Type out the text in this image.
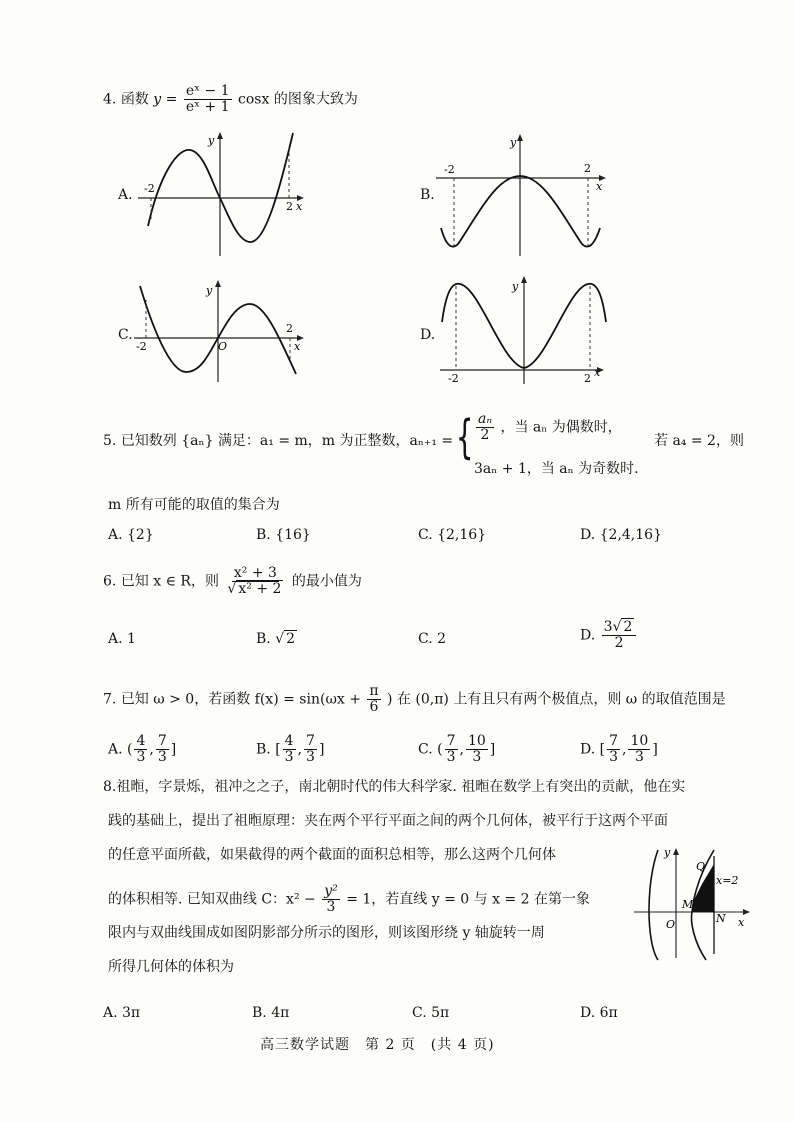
4. 函数 $y = \frac{\text{eˣ − 1}}{\text{eˣ + 1}}$ cosx 的图象大致为
A. -2
2 x
y
B.
-2	2
x
y
C.
-2
2
x
y
O
D.
-2	2 x
y
5. 已知数列 {aₙ} 满足：a₁ = m，m 为正整数，aₙ₊₁ = { $\frac{\text{aₙ}}{2}$ ，当 aₙ 为偶数时，
3aₙ + 1，当 aₙ 为奇数时.
若 a₄ = 2，则
m 所有可能的取值的集合为
A. {2}	B. {16}	C. {2,16}	D. {2,4,16}
6. 已知 x ∈ R，则 $\frac{\text{x² + 3}}{\text{√ x² + 2}}$ 的最小值为
A. 1	B. √ 2	C. 2	D. $\frac{3√ 2}{2}$
7. 已知 ω > 0，若函数 $f(x) = \sin(\omega x + \frac{\pi}{6}$ ) 在 (0,π) 上有且只有两个极值点，则 ω 的取值范围是
A. ( $\frac{4}{3}$ , $\frac{7}{3}$ ]	B. [ $\frac{4}{3}$ , $\frac{7}{3}$ ]	C. ( $\frac{7}{3}$ , $\frac{10}{3}$ ]	D. [ $\frac{7}{3}$ , $\frac{10}{3}$ ]
8.祖暅，字景烁，祖冲之之子，南北朝时代的伟大科学家. 祖暅在数学上有突出的贡献，他在实
践的基础上，提出了祖暅原理：夹在两个平行平面之间的两个几何体，被平行于这两个平面
的任意平面所截，如果截得的两个截面的面积总相等，那么这两个几何体
的体积相等. 已知双曲线 C：$x^2 - \frac{\text{y²}}{3} = 1$，若直线 y = 0 与 x = 2 在第一象
限内与双曲线围成如图阴影部分所示的图形，则该图形绕 y 轴旋转一周
所得几何体的体积为
y
x
O
Q
M
N
x=2
A. 3π	B. 4π	C. 5π	D. 6π
高三数学试题　第 2 页　(共 4 页)
